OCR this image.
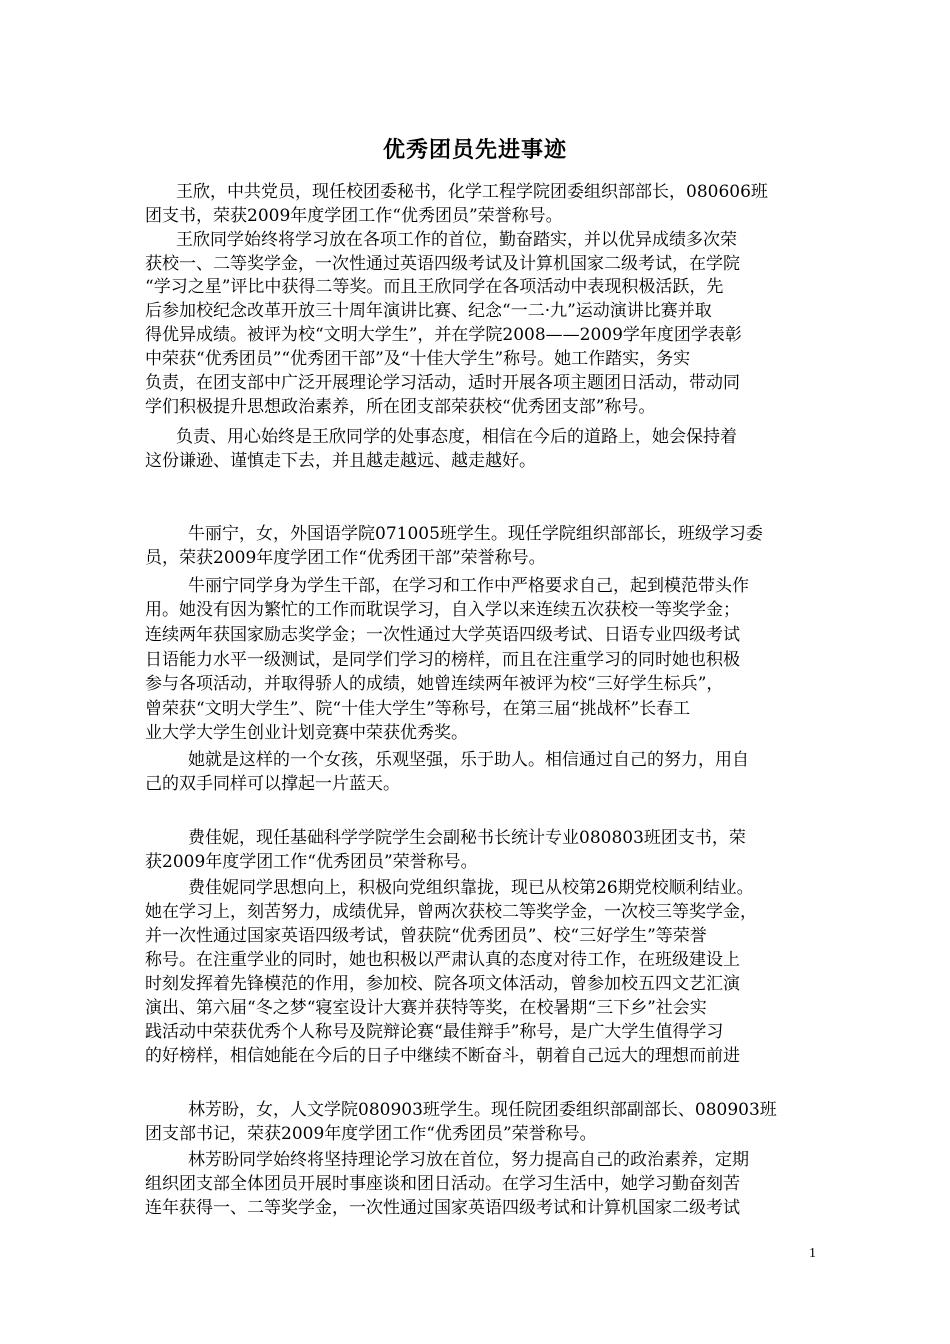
优秀团员先进事迹
王欣，中共党员，现任校团委秘书，化学工程学院团委组织部部长，080606班
团支书，荣获2009年度学团工作“优秀团员”荣誉称号。
王欣同学始终将学习放在各项工作的首位，勤奋踏实，并以优异成绩多次荣
获校一、二等奖学金，一次性通过英语四级考试及计算机国家二级考试，在学院
“学习之星”评比中获得二等奖。而且王欣同学在各项活动中表现积极活跃，先
后参加校纪念改革开放三十周年演讲比赛、纪念“一二·九”运动演讲比赛并取
得优异成绩。被评为校“文明大学生”，并在学院2008——2009学年度团学表彰
中荣获“优秀团员”“优秀团干部”及“十佳大学生”称号。她工作踏实，务实
负责，在团支部中广泛开展理论学习活动，适时开展各项主题团日活动，带动同
学们积极提升思想政治素养，所在团支部荣获校“优秀团支部”称号。
负责、用心始终是王欣同学的处事态度，相信在今后的道路上，她会保持着
这份谦逊、谨慎走下去，并且越走越远、越走越好。
牛丽宁，女，外国语学院071005班学生。现任学院组织部部长，班级学习委
员，荣获2009年度学团工作“优秀团干部”荣誉称号。
牛丽宁同学身为学生干部，在学习和工作中严格要求自己，起到模范带头作
用。她没有因为繁忙的工作而耽误学习，自入学以来连续五次获校一等奖学金；
连续两年获国家励志奖学金；一次性通过大学英语四级考试、日语专业四级考试
日语能力水平一级测试，是同学们学习的榜样，而且在注重学习的同时她也积极
参与各项活动，并取得骄人的成绩，她曾连续两年被评为校“三好学生标兵”，
曾荣获“文明大学生”、院“十佳大学生”等称号，在第三届“挑战杯”长春工
业大学大学生创业计划竞赛中荣获优秀奖。
她就是这样的一个女孩，乐观坚强，乐于助人。相信通过自己的努力，用自
己的双手同样可以撑起一片蓝天。
费佳妮，现任基础科学学院学生会副秘书长统计专业080803班团支书，荣
获2009年度学团工作“优秀团员”荣誉称号。
费佳妮同学思想向上，积极向党组织靠拢，现已从校第26期党校顺利结业。
她在学习上，刻苦努力，成绩优异，曾两次获校二等奖学金，一次校三等奖学金，
并一次性通过国家英语四级考试，曾获院“优秀团员”、校“三好学生”等荣誉
称号。在注重学业的同时，她也积极以严肃认真的态度对待工作，在班级建设上
时刻发挥着先锋模范的作用，参加校、院各项文体活动，曾参加校五四文艺汇演
演出、第六届“冬之梦“寝室设计大赛并获特等奖，在校暑期“三下乡”社会实
践活动中荣获优秀个人称号及院辩论赛“最佳辩手”称号，是广大学生值得学习
的好榜样，相信她能在今后的日子中继续不断奋斗，朝着自己远大的理想而前进
林芳盼，女，人文学院080903班学生。现任院团委组织部副部长、080903班
团支部书记，荣获2009年度学团工作“优秀团员”荣誉称号。
林芳盼同学始终将坚持理论学习放在首位，努力提高自己的政治素养，定期
组织团支部全体团员开展时事座谈和团日活动。在学习生活中，她学习勤奋刻苦
连年获得一、二等奖学金，一次性通过国家英语四级考试和计算机国家二级考试
1
